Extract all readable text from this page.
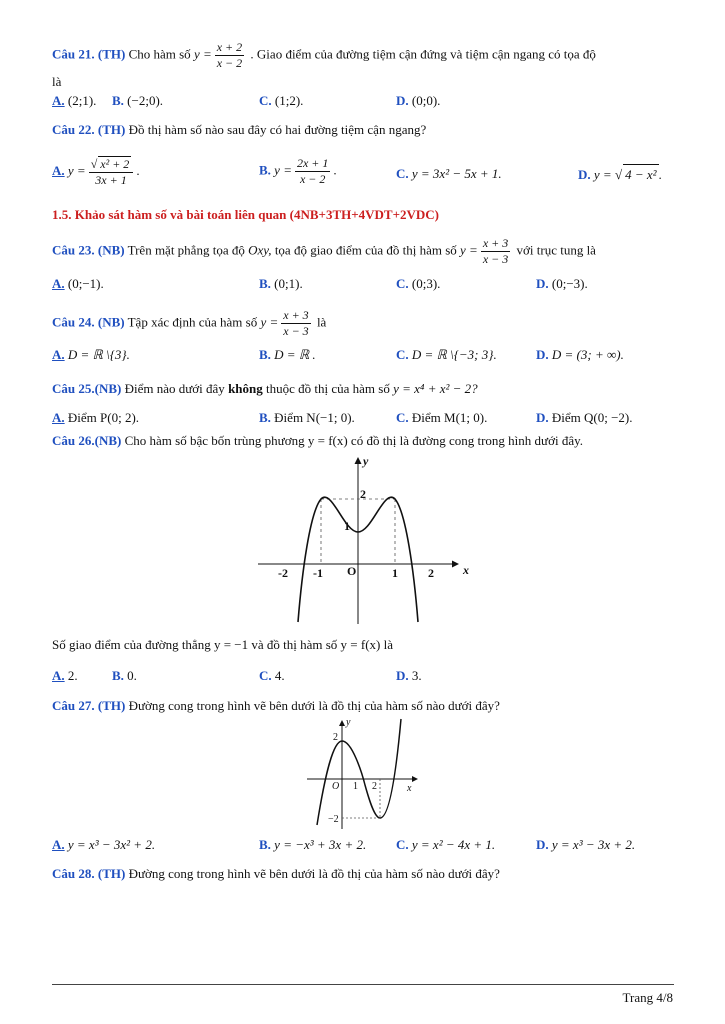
Câu 21. (TH) Cho hàm số $y = \frac{x + 2}{x - 2}$ . Giao điểm của đường tiệm cận đứng và tiệm cận ngang có tọa độ
là
A. (2;1). B. (−2;0).	C. (1;2).	D. (0;0).
Câu 22. (TH) Đồ thị hàm số nào sau đây có hai đường tiệm cận ngang?
A. $y = \frac{\text{√ x² + 2}}{3x + 1}$ .	B. $y = \frac{2x + 1}{x - 2}$ .	C. y = 3x² − 5x + 1.	D. y = √ 4 − x² .
1.5. Khảo sát hàm số và bài toán liên quan (4NB+3TH+4VDT+2VDC)
Câu 23. (NB) Trên mặt phẳng tọa độ Oxy, tọa độ giao điểm của đồ thị hàm số $y = \frac{x + 3}{x - 3}$ với trục tung là
A. (0;−1).	B. (0;1).	C. (0;3).	D. (0;−3).
Câu 24. (NB) Tập xác định của hàm số $y = \frac{x + 3}{x - 3}$ là
A. D = ℝ \{3}.	B. D = ℝ .	C. D = ℝ \{−3; 3}.	D. D = (3; + ∞).
Câu 25.(NB) Điểm nào dưới đây không thuộc đồ thị của hàm số y = x⁴ + x² − 2?
A. Điểm P(0; 2).	B. Điểm N(−1; 0).	C. Điểm M(1; 0).	D. Điểm Q(0; −2).
Câu 26.(NB) Cho hàm số bậc bốn trùng phương y = f(x) có đồ thị là đường cong trong hình dưới đây.
x
y
-2 -1 O	1	2
2
1
Số giao điểm của đường thẳng y = −1 và đồ thị hàm số y = f(x) là
A. 2.	B. 0.	C. 4.	D. 3.
Câu 27. (TH) Đường cong trong hình vẽ bên dưới là đồ thị của hàm số nào dưới đây?
y
x
O 1 2
2
−2
A. y = x³ − 3x² + 2.	B. y = −x³ + 3x + 2. C. y = x² − 4x + 1.	D. y = x³ − 3x + 2.
Câu 28. (TH) Đường cong trong hình vẽ bên dưới là đồ thị của hàm số nào dưới đây?
Trang 4/8
